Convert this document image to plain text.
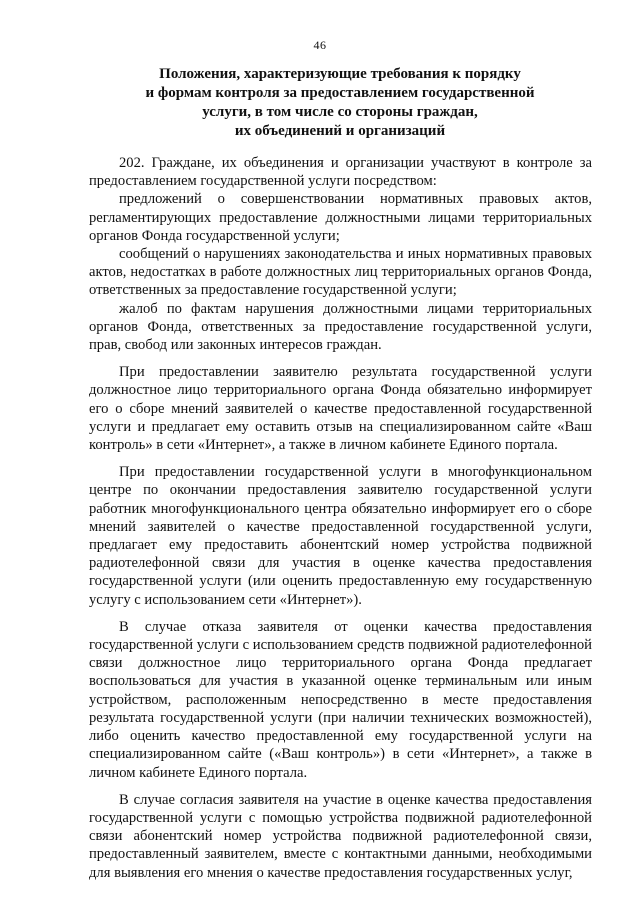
46
Положения, характеризующие требования к порядку
и формам контроля за предоставлением государственной
услуги, в том числе со стороны граждан,
их объединений и организаций

202. Граждане, их объединения и организации участвуют в контроле за предоставлением государственной услуги посредством:

предложений о совершенствовании нормативных правовых актов, регламентирующих предоставление должностными лицами территориальных органов Фонда государственной услуги;

сообщений о нарушениях законодательства и иных нормативных правовых актов, недостатках в работе должностных лиц территориальных органов Фонда, ответственных за предоставление государственной услуги;

жалоб по фактам нарушения должностными лицами территориальных органов Фонда, ответственных за предоставление государственной услуги, прав, свобод или законных интересов граждан.

При предоставлении заявителю результата государственной услуги должностное лицо территориального органа Фонда обязательно информирует его о сборе мнений заявителей о качестве предоставленной государственной услуги и предлагает ему оставить отзыв на специализированном сайте «Ваш контроль» в сети «Интернет», а также в личном кабинете Единого портала.

При предоставлении государственной услуги в многофункциональном центре по окончании предоставления заявителю государственной услуги работник многофункционального центра обязательно информирует его о сборе мнений заявителей о качестве предоставленной государственной услуги, предлагает ему предоставить абонентский номер устройства подвижной радиотелефонной связи для участия в оценке качества предоставления государственной услуги (или оценить предоставленную ему государственную услугу с использованием сети «Интернет»).

В случае отказа заявителя от оценки качества предоставления государственной услуги с использованием средств подвижной радиотелефонной связи должностное лицо территориального органа Фонда предлагает воспользоваться для участия в указанной оценке терминальным или иным устройством, расположенным непосредственно в месте предоставления результата государственной услуги (при наличии технических возможностей), либо оценить качество предоставленной ему государственной услуги на специализированном сайте («Ваш контроль») в сети «Интернет», а также в личном кабинете Единого портала.

В случае согласия заявителя на участие в оценке качества предоставления государственной услуги с помощью устройства подвижной радиотелефонной связи абонентский номер устройства подвижной радиотелефонной связи, предоставленный заявителем, вместе с контактными данными, необходимыми для выявления его мнения о качестве предоставления государственных услуг,
